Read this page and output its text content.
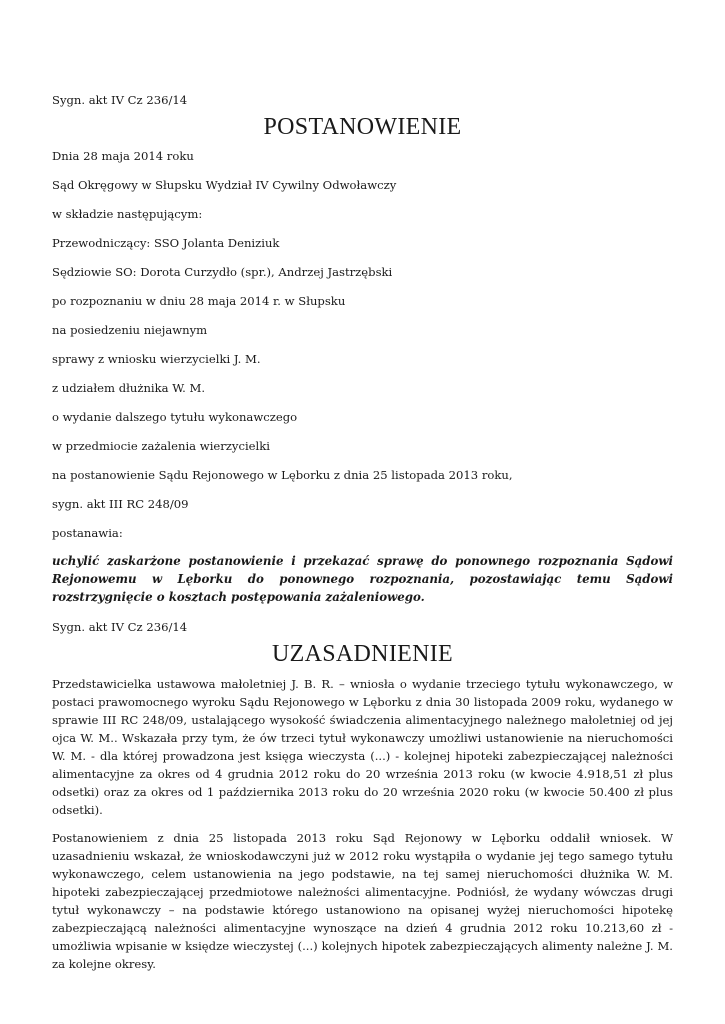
Sygn. akt IV Cz 236/14

POSTANOWIENIE

Dnia 28 maja 2014 roku

Sąd Okręgowy w Słupsku Wydział IV Cywilny Odwoławczy

w składzie następującym:

Przewodniczący: SSO Jolanta Deniziuk

Sędziowie SO: Dorota Curzydło (spr.), Andrzej Jastrzębski

po rozpoznaniu w dniu 28 maja 2014 r. w Słupsku

na posiedzeniu niejawnym

sprawy z wniosku wierzycielki J. M.

z udziałem dłużnika W. M.

o wydanie dalszego tytułu wykonawczego

w przedmiocie zażalenia wierzycielki

na postanowienie Sądu Rejonowego w Lęborku z dnia 25 listopada 2013 roku,

sygn. akt III RC 248/09

postanawia:

uchylić zaskarżone postanowienie i przekazać sprawę do ponownego rozpoznania Sądowi Rejonowemu w Lęborku do ponownego rozpoznania, pozostawiając temu Sądowi rozstrzygnięcie o kosztach postępowania zażaleniowego.

Sygn. akt IV Cz 236/14

UZASADNIENIE

Przedstawicielka ustawowa małoletniej J. B. R. – wniosła o wydanie trzeciego tytułu wykonawczego, w postaci prawomocnego wyroku Sądu Rejonowego w Lęborku z dnia 30 listopada 2009 roku, wydanego w sprawie III RC 248/09, ustalającego wysokość świadczenia alimentacyjnego należnego małoletniej od jej ojca W. M.. Wskazała przy tym, że ów trzeci tytuł wykonawczy umożliwi ustanowienie na nieruchomości W. M. - dla której prowadzona jest księga wieczysta (...) - kolejnej hipoteki zabezpieczającej należności alimentacyjne za okres od 4 grudnia 2012 roku do 20 września 2013 roku (w kwocie 4.918,51 zł plus odsetki) oraz za okres od 1 października 2013 roku do 20 września 2020 roku (w kwocie 50.400 zł plus odsetki).

Postanowieniem z dnia 25 listopada 2013 roku Sąd Rejonowy w Lęborku oddalił wniosek. W uzasadnieniu wskazał, że wnioskodawczyni już w 2012 roku wystąpiła o wydanie jej tego samego tytułu wykonawczego, celem ustanowienia na jego podstawie, na tej samej nieruchomości dłużnika W. M. hipoteki zabezpieczającej przedmiotowe należności alimentacyjne. Podniósł, że wydany wówczas drugi tytuł wykonawczy – na podstawie którego ustanowiono na opisanej wyżej nieruchomości hipotekę zabezpieczającą należności alimentacyjne wynoszące na dzień 4 grudnia 2012 roku 10.213,60 zł - umożliwia wpisanie w księdze wieczystej (...) kolejnych hipotek zabezpieczających alimenty należne J. M. za kolejne okresy.
